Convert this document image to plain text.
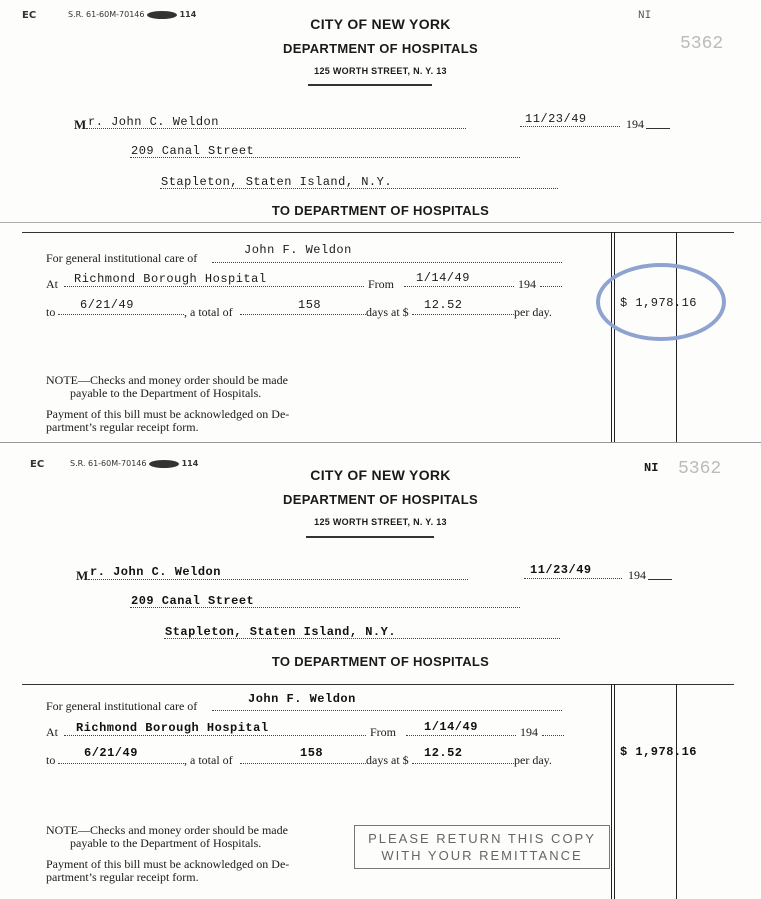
EC	S.R. 61-60M-70146	114	NI
5362
CITY OF NEW YORK
DEPARTMENT OF HOSPITALS
125 WORTH STREET, N. Y. 13
M r. John C. Weldon	11/23/49	194
209 Canal Street
Stapleton, Staten Island, N.Y.
TO DEPARTMENT OF HOSPITALS
For general institutional care of
John F. Weldon
At Richmond Borough Hospital	From 1/14/49	194
to 6/21/49	, a total of	158	days at $ 12.52	per day.
$ 1,978.16
NOTE—Checks and money order should be made
payable to the Department of Hospitals.
Payment of this bill must be acknowledged on De-
partment’s regular receipt form.
EC	S.R. 61-60M-70146	114	NI 5362
CITY OF NEW YORK
DEPARTMENT OF HOSPITALS
125 WORTH STREET, N. Y. 13
M r. John C. Weldon	11/23/49	194
209 Canal Street
Stapleton, Staten Island, N.Y.
TO DEPARTMENT OF HOSPITALS
For general institutional care of	John F. Weldon
At Richmond Borough Hospital	From 1/14/49	194
to 6/21/49	, a total of	158	days at $ 12.52	per day.
$ 1,978.16
NOTE—Checks and money order should be made
payable to the Department of Hospitals.
Payment of this bill must be acknowledged on De-
partment’s regular receipt form.
PLEASE RETURN THIS COPY
WITH YOUR REMITTANCE
